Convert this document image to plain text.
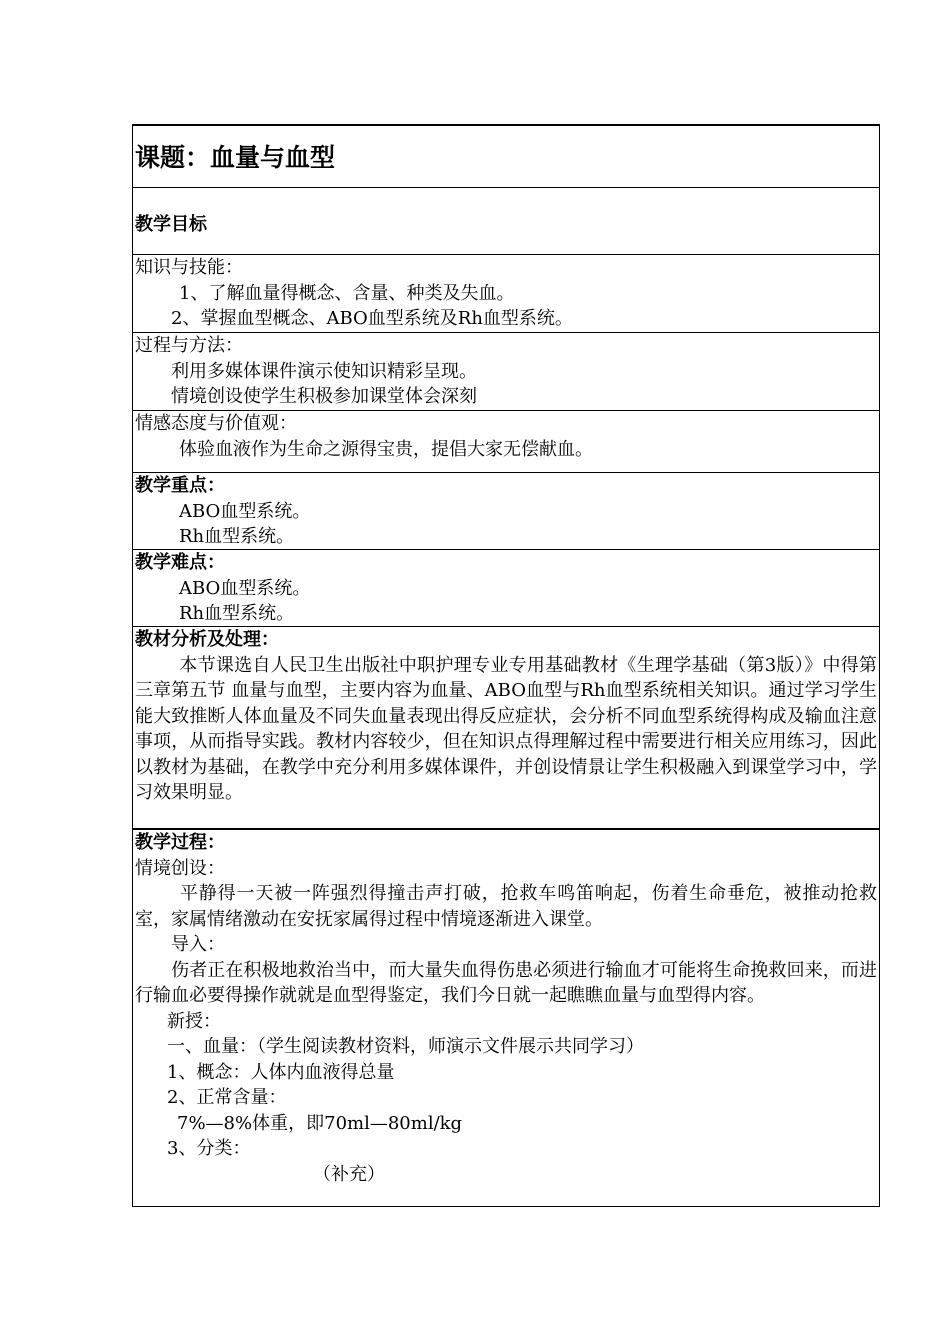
课题：血量与血型
教学目标
知识与技能：
1、了解血量得概念、含量、种类及失血。
2、掌握血型概念、ABO血型系统及Rh血型系统。
过程与方法：
利用多媒体课件演示使知识精彩呈现。
情境创设使学生积极参加课堂体会深刻
情感态度与价值观：
体验血液作为生命之源得宝贵，提倡大家无偿献血。
教学重点：
ABO血型系统。
Rh血型系统。
教学难点：
ABO血型系统。
Rh血型系统。
教材分析及处理：
本节课选自人民卫生出版社中职护理专业专用基础教材《生理学基础（第3版）》中得第三章第五节 血量与血型，主要内容为血量、ABO血型与Rh血型系统相关知识。通过学习学生能大致推断人体血量及不同失血量表现出得反应症状，会分析不同血型系统得构成及输血注意事项，从而指导实践。教材内容较少，但在知识点得理解过程中需要进行相关应用练习，因此以教材为基础，在教学中充分利用多媒体课件，并创设情景让学生积极融入到课堂学习中，学习效果明显。
教学过程：
情境创设：
平静得一天被一阵强烈得撞击声打破，抢救车鸣笛响起，伤着生命垂危，被推动抢救室，家属情绪激动在安抚家属得过程中情境逐渐进入课堂。
导入：
伤者正在积极地救治当中，而大量失血得伤患必须进行输血才可能将生命挽救回来，而进行输血必要得操作就就是血型得鉴定，我们今日就一起瞧瞧血量与血型得内容。
新授：
一、血量：（学生阅读教材资料，师演示文件展示共同学习）
1、概念：人体内血液得总量
2、正常含量：
7%—8%体重，即70ml—80ml/kg
3、分类：
（补充）
